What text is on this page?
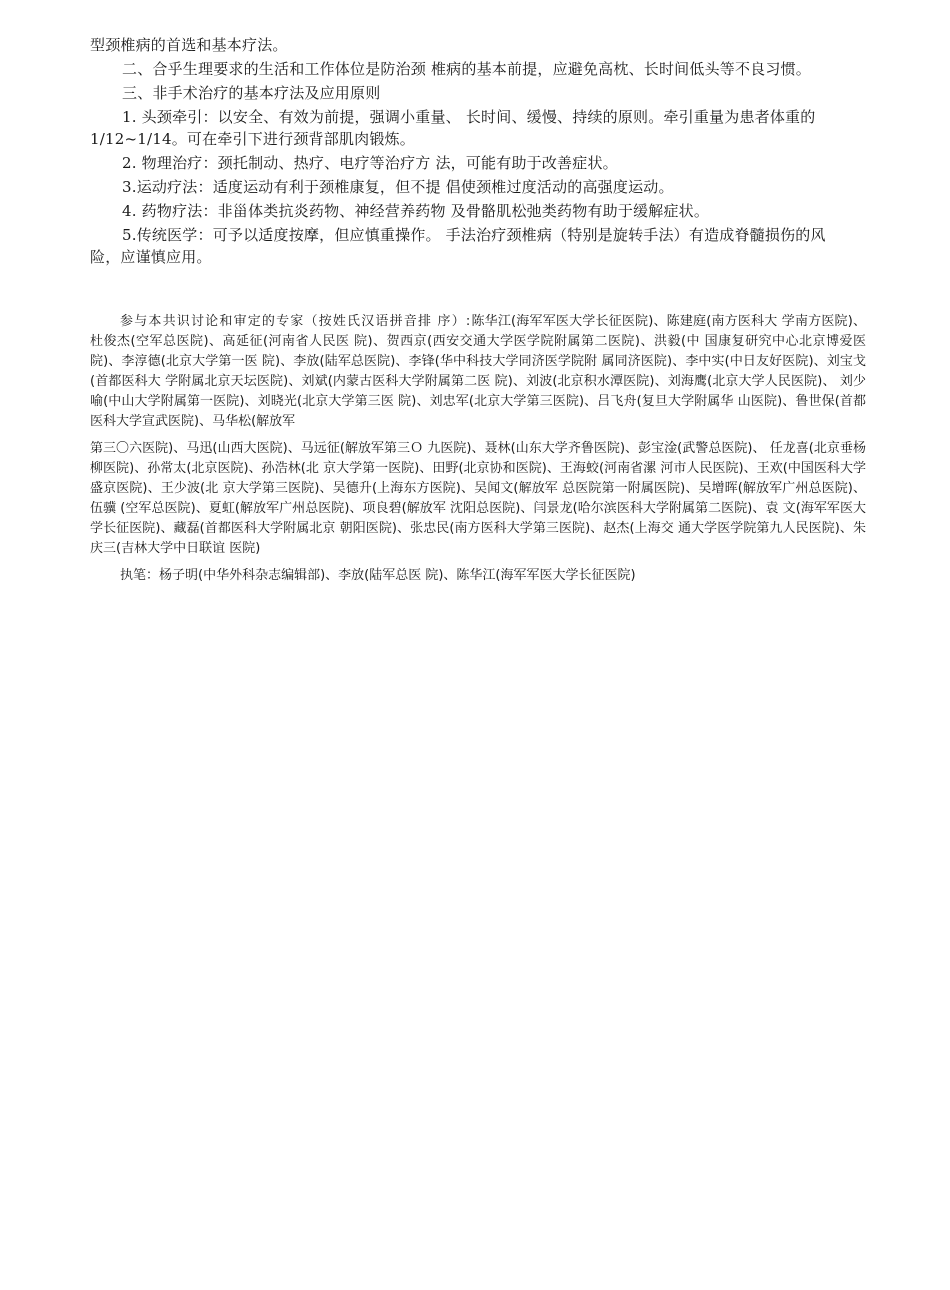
型颈椎病的首选和基本疗法。

二、合乎生理要求的生活和工作体位是防治颈 椎病的基本前提，应避免高枕、长时间低头等不良习惯。

三、非手术治疗的基本疗法及应用原则

1. 头颈牵引：以安全、有效为前提，强调小重量、 长时间、缓慢、持续的原则。牵引重量为患者体重的1/12~1/14。可在牵引下进行颈背部肌肉锻炼。

2. 物理治疗：颈托制动、热疗、电疗等治疗方 法，可能有助于改善症状。

3.运动疗法：适度运动有利于颈椎康复，但不提 倡使颈椎过度活动的高强度运动。

4. 药物疗法：非甾体类抗炎药物、神经营养药物 及骨骼肌松弛类药物有助于缓解症状。

5.传统医学：可予以适度按摩，但应慎重操作。 手法治疗颈椎病（特别是旋转手法）有造成脊髓损伤的风险，应谨慎应用。

参与本共识讨论和审定的专家（按姓氏汉语拼音排 序）:陈华江(海军军医大学长征医院)、陈建庭(南方医科大 学南方医院)、杜俊杰(空军总医院)、高延征(河南省人民医 院)、贺西京(西安交通大学医学院附属第二医院)、洪毅(中 国康复研究中心北京博爱医院)、李淳德(北京大学第一医 院)、李放(陆军总医院)、李锋(华中科技大学同济医学院附 属同济医院)、李中实(中日友好医院)、刘宝戈(首都医科大 学附属北京天坛医院)、刘斌(内蒙古医科大学附属第二医 院)、刘波(北京积水潭医院)、刘海鹰(北京大学人民医院)、 刘少喻(中山大学附属第一医院)、刘晓光(北京大学第三医 院)、刘忠军(北京大学第三医院)、吕飞舟(复旦大学附属华 山医院)、鲁世保(首都医科大学宣武医院)、马华松(解放军

第三〇六医院)、马迅(山西大医院)、马远征(解放军第三Ｏ 九医院)、聂林(山东大学齐鲁医院)、彭宝淦(武警总医院)、 任龙喜(北京垂杨柳医院)、孙常太(北京医院)、孙浩林(北 京大学第一医院)、田野(北京协和医院)、王海蛟(河南省漯 河市人民医院)、王欢(中国医科大学盛京医院)、王少波(北 京大学第三医院)、吴德升(上海东方医院)、吴闻文(解放军 总医院第一附属医院)、吴增晖(解放军广州总医院)、伍骥 (空军总医院)、夏虹(解放军广州总医院)、项良碧(解放军 沈阳总医院)、闫景龙(哈尔滨医科大学附属第二医院)、袁 文(海军军医大学长征医院)、藏磊(首都医科大学附属北京 朝阳医院)、张忠民(南方医科大学第三医院)、赵杰(上海交 通大学医学院第九人民医院)、朱庆三(吉林大学中日联谊 医院)

执笔：杨子明(中华外科杂志编辑部)、李放(陆军总医 院)、陈华江(海军军医大学长征医院)
